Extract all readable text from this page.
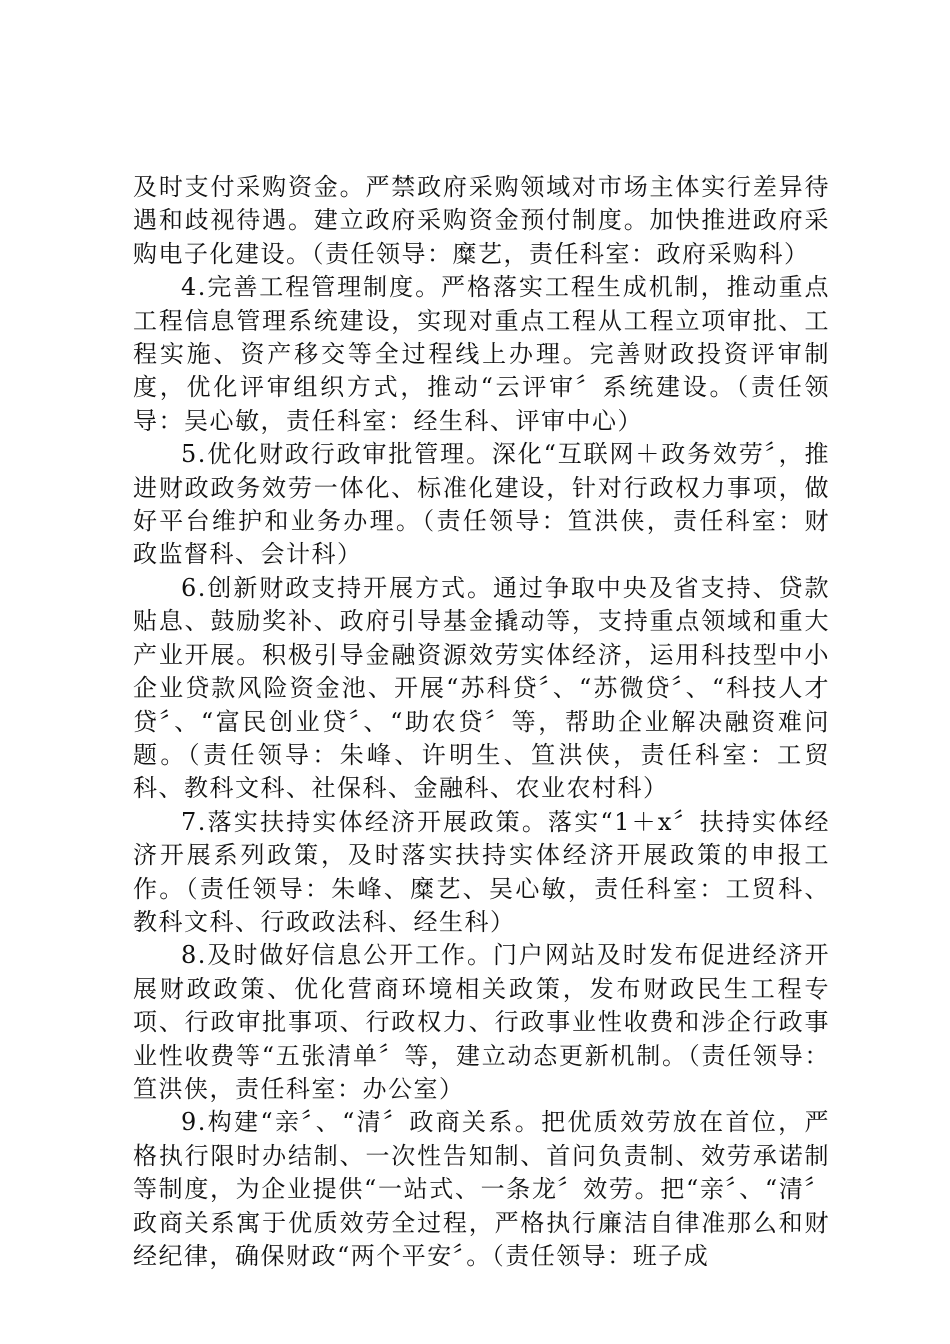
及时支付采购资金。严禁政府采购领域对市场主体实行差异待遇和歧视待遇。建立政府采购资金预付制度。加快推进政府采购电子化建设。（责任领导：糜艺，责任科室：政府采购科）

4.完善工程管理制度。严格落实工程生成机制，推动重点工程信息管理系统建设，实现对重点工程从工程立项审批、工程实施、资产移交等全过程线上办理。完善财政投资评审制度，优化评审组织方式，推动“云评审〞系统建设。（责任领导：吴心敏，责任科室：经生科、评审中心）

5.优化财政行政审批管理。深化“互联网＋政务效劳〞，推进财政政务效劳一体化、标准化建设，针对行政权力事项，做好平台维护和业务办理。（责任领导：笪洪侠，责任科室：财政监督科、会计科）

6.创新财政支持开展方式。通过争取中央及省支持、贷款贴息、鼓励奖补、政府引导基金撬动等，支持重点领域和重大产业开展。积极引导金融资源效劳实体经济，运用科技型中小企业贷款风险资金池、开展“苏科贷〞、“苏微贷〞、“科技人才贷〞、“富民创业贷〞、“助农贷〞等，帮助企业解决融资难问题。（责任领导：朱峰、许明生、笪洪侠，责任科室：工贸科、教科文科、社保科、金融科、农业农村科）

7.落实扶持实体经济开展政策。落实“1＋x〞扶持实体经济开展系列政策，及时落实扶持实体经济开展政策的申报工作。（责任领导：朱峰、糜艺、吴心敏，责任科室：工贸科、教科文科、行政政法科、经生科）

8.及时做好信息公开工作。门户网站及时发布促进经济开展财政政策、优化营商环境相关政策，发布财政民生工程专项、行政审批事项、行政权力、行政事业性收费和涉企行政事业性收费等“五张清单〞等，建立动态更新机制。（责任领导：笪洪侠，责任科室：办公室）

9.构建“亲〞、“清〞政商关系。把优质效劳放在首位，严格执行限时办结制、一次性告知制、首问负责制、效劳承诺制等制度，为企业提供“一站式、一条龙〞效劳。把“亲〞、“清〞政商关系寓于优质效劳全过程，严格执行廉洁自律准那么和财经纪律，确保财政“两个平安〞。（责任领导：班子成
